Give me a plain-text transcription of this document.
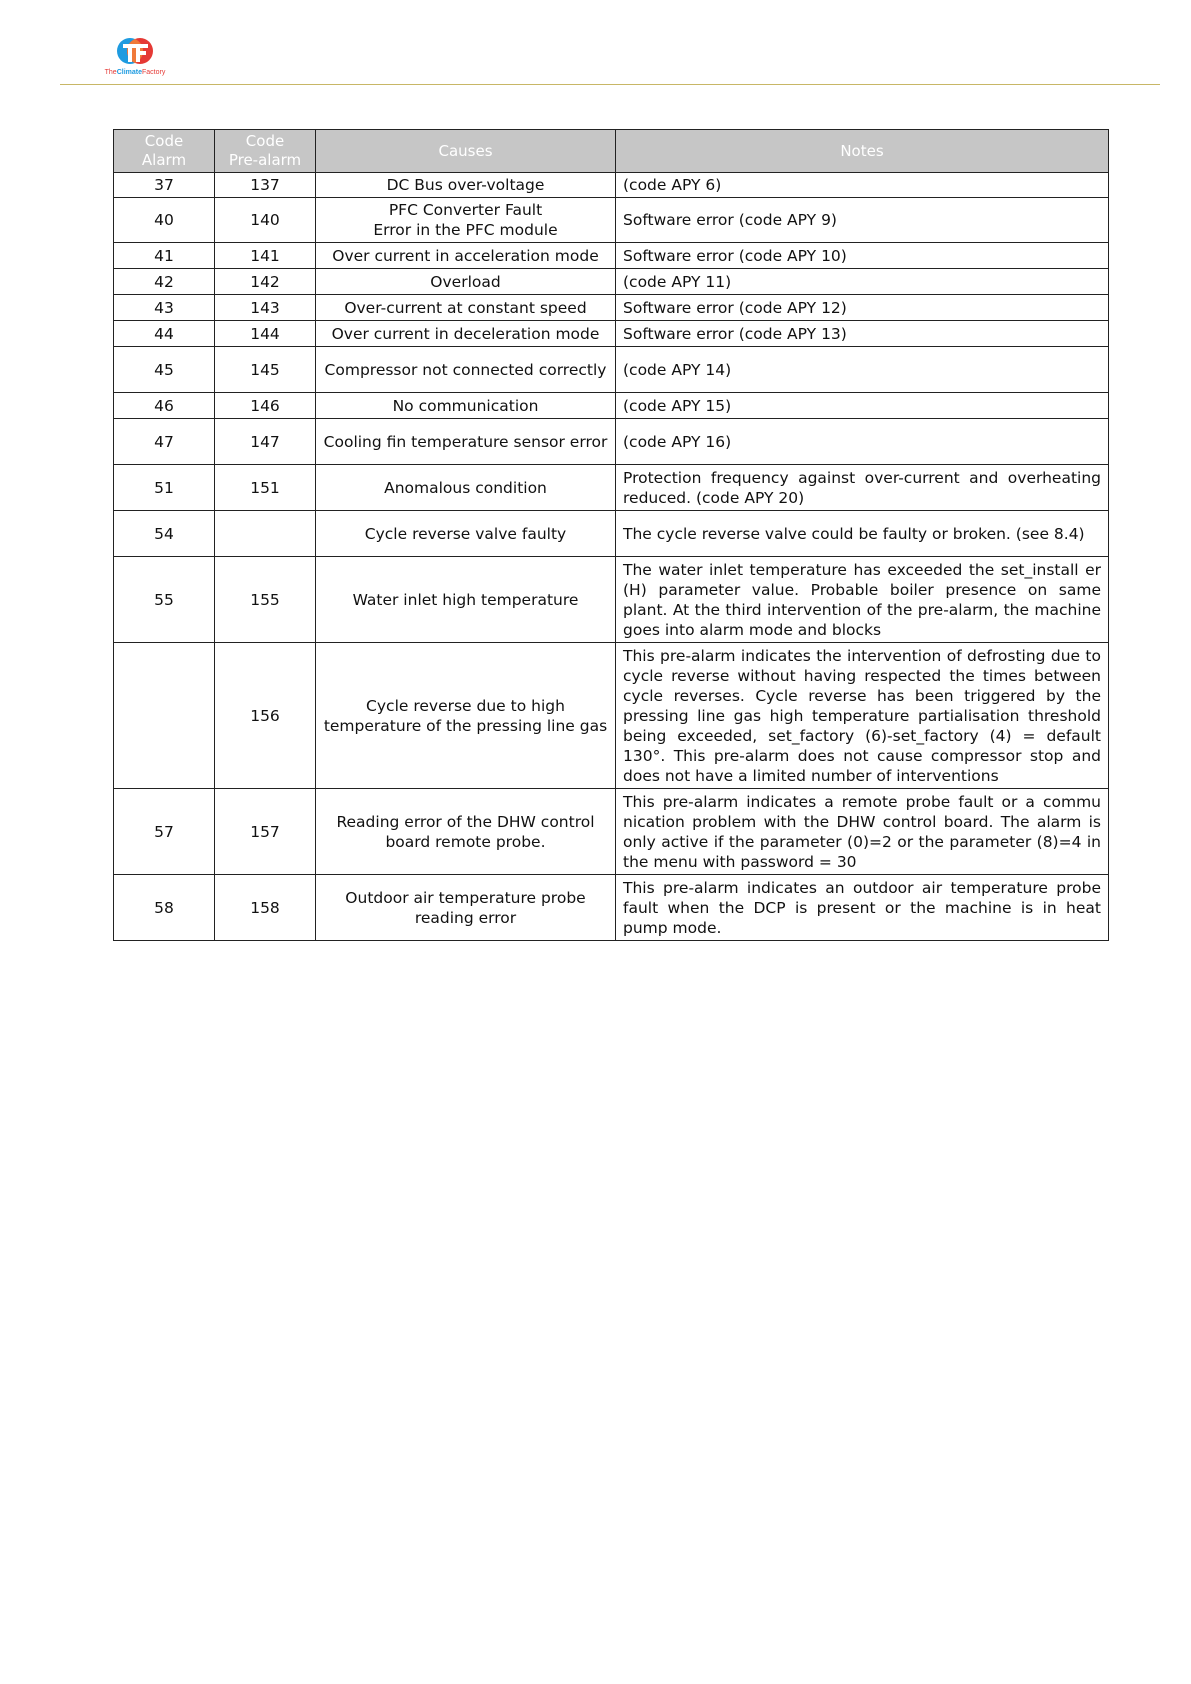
TheClimateFactory
Code
Alarm	Code
Pre-alarm	Causes	Notes
37	137	DC Bus over-voltage	(code APY 6)
40	140	PFC Converter Fault
Error in the PFC module	Software error (code APY 9)
41	141	Over current in acceleration mode	Software error (code APY 10)
42	142	Overload	(code APY 11)
43	143	Over-current at constant speed	Software error (code APY 12)
44	144	Over current in deceleration mode	Software error (code APY 13)
45	145	Compressor not connected correctly	(code APY 14)
46	146	No communication	(code APY 15)
47	147	Cooling fin temperature sensor error	(code APY 16)
51	151	Anomalous condition	Protection frequency against over-current and overheating reduced. (code APY 20)
54		Cycle reverse valve faulty	The cycle reverse valve could be faulty or broken. (see 8.4)
55	155	Water inlet high temperature	The water inlet temperature has exceeded the set_install er (H) parameter value. Probable boiler presence on same plant. At the third intervention of the pre-alarm, the machine goes into alarm mode and blocks
	156	Cycle reverse due to high temperature of the pressing line gas	This pre-alarm indicates the intervention of defrosting due to cycle reverse without having respected the times between cycle reverses. Cycle reverse has been triggered by the pressing line gas high temperature partialisation threshold being exceeded, set_factory (6)-set_factory (4) = default 130°. This pre-alarm does not cause compressor stop and does not have a limited number of interventions
57	157	Reading error of the DHW control board remote probe.	This pre-alarm indicates a remote probe fault or a commu nication problem with the DHW control board. The alarm is only active if the parameter (0)=2 or the parameter (8)=4 in the menu with password = 30
58	158	Outdoor air temperature probe reading error	This pre-alarm indicates an outdoor air temperature probe fault when the DCP is present or the machine is in heat pump mode.
